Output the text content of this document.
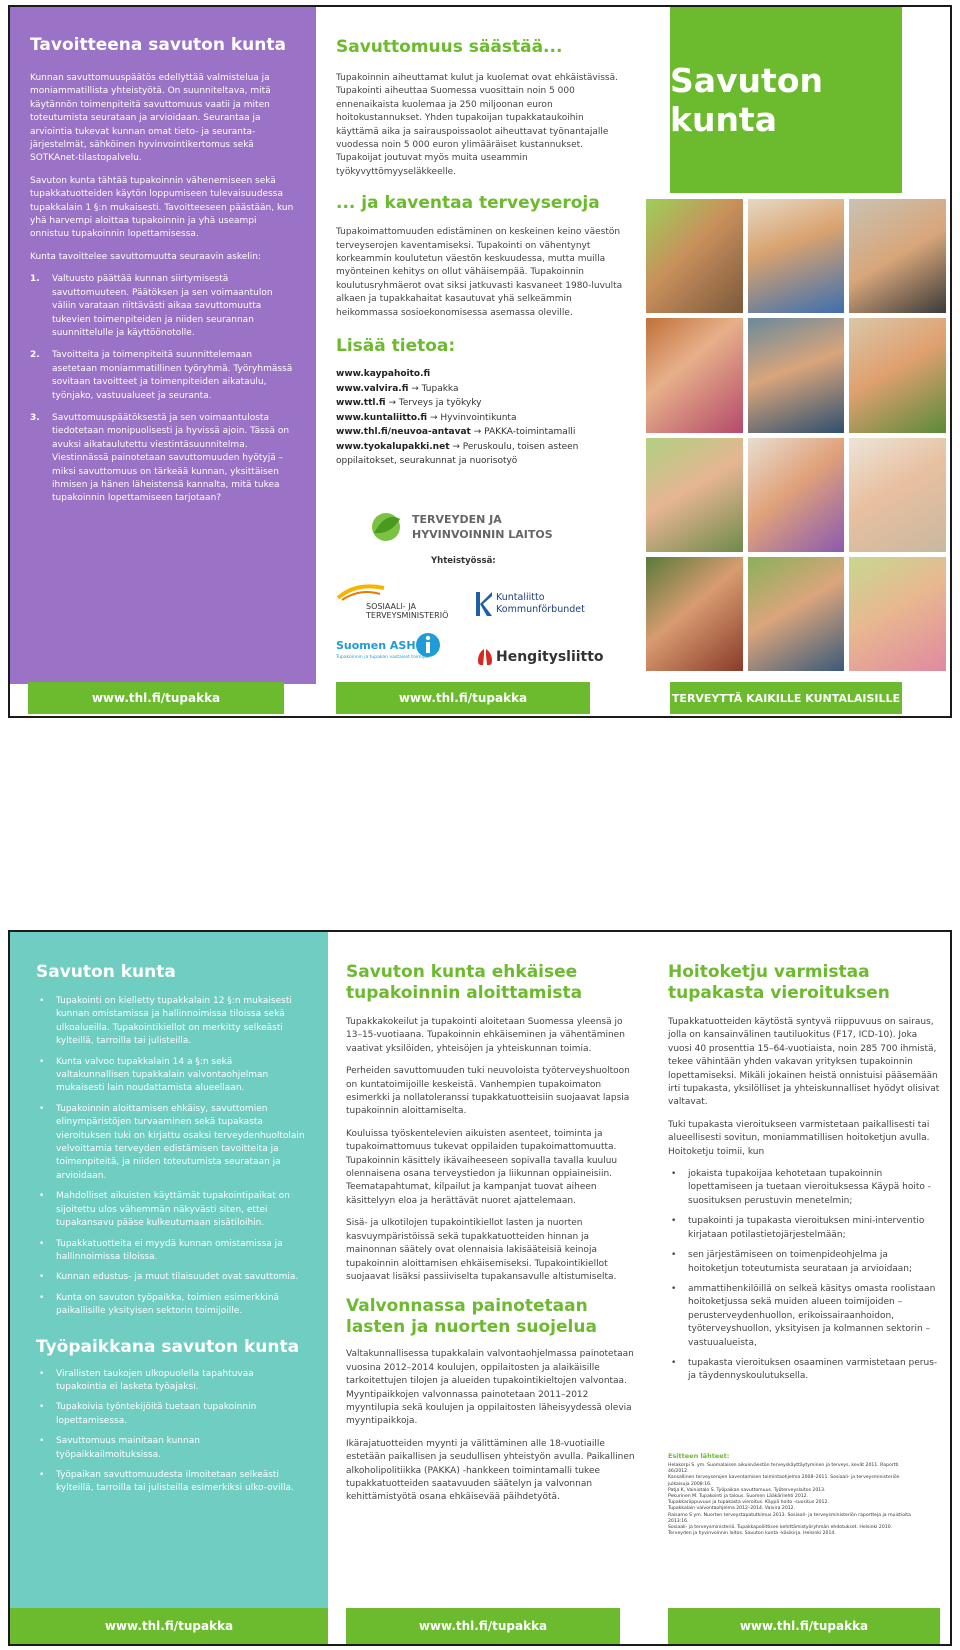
Tavoitteena savuton kunta

Kunnan savuttomuuspäätös edellyttää valmistelua ja moniammatillista yhteistyötä. On suunniteltava, mitä käytännön toimenpiteitä savuttomuus vaatii ja miten toteutumista seurataan ja arvioidaan. Seurantaa ja arviointia tukevat kunnan omat tieto- ja seuranta-järjestelmät, sähköinen hyvinvointikertomus sekä SOTKAnet-tilastopalvelu.

Savuton kunta tähtää tupakoinnin vähenemiseen sekä tupakkatuotteiden käytön loppumiseen tulevaisuudessa tupakkalain 1 §:n mukaisesti. Tavoitteeseen päästään, kun yhä harvempi aloittaa tupakoinnin ja yhä useampi onnistuu tupakoinnin lopettamisessa.

Kunta tavoittelee savuttomuutta seuraavin askelin:

1. Valtuusto päättää kunnan siirtymisestä savuttomuuteen. Päätöksen ja sen voimaantulon väliin varataan riittävästi aikaa savuttomuutta tukevien toimenpiteiden ja niiden seurannan suunnittelulle ja käyttöönotolle.
2. Tavoitteita ja toimenpiteitä suunnittelemaan asetetaan moniammatillinen työryhmä. Työryhmässä sovitaan tavoitteet ja toimenpiteiden aikataulu, työnjako, vastuualueet ja seuranta.
3. Savuttomuuspäätöksestä ja sen voimaantulosta tiedotetaan monipuolisesti ja hyvissä ajoin. Tässä on avuksi aikataulutettu viestintäsuunnitelma. Viestinnässä painotetaan savuttomuuden hyötyjä – miksi savuttomuus on tärkeää kunnan, yksittäisen ihmisen ja hänen läheistensä kannalta, mitä tukea tupakoinnin lopettamiseen tarjotaan?
www.thl.fi/tupakka
Savuttomuus säästää...

Tupakoinnin aiheuttamat kulut ja kuolemat ovat ehkäistävissä. Tupakointi aiheuttaa Suomessa vuosittain noin 5 000 ennenaikaista kuolemaa ja 250 miljoonan euron hoitokustannukset. Yhden tupakoijan tupakkataukoihin käyttämä aika ja sairauspoissaolot aiheuttavat työnantajalle vuodessa noin 5 000 euron ylimääräiset kustannukset. Tupakoijat joutuvat myös muita useammin työkyvyttömyyseläkkeelle.

... ja kaventaa terveyseroja

Tupakoimattomuuden edistäminen on keskeinen keino väestön terveyserojen kaventamiseksi. Tupakointi on vähentynyt korkeammin koulutetun väestön keskuudessa, mutta muilla myönteinen kehitys on ollut vähäisempää. Tupakoinnin koulutusryhmäerot ovat siksi jatkuvasti kasvaneet 1980-luvulta alkaen ja tupakkahaitat kasautuvat yhä selkeämmin heikommassa sosioekonomisessa asemassa oleville.

Lisää tietoa:
www.kaypahoito.fi
www.valvira.fi → Tupakka
www.ttl.fi → Terveys ja työkyky
www.kuntaliitto.fi → Hyvinvointikunta
www.thl.fi/neuvoa-antavat → PAKKA-toimintamalli
www.tyokalupakki.net → Peruskoulu, toisen asteen oppilaitokset, seurakunnat ja nuorisotyö
TERVEYDEN JA
HYVINVOINNIN LAITOS
Yhteistyössä:
SOSIAALI- JA
TERVEYSMINISTERIÖ
Kuntaliitto
Kommunförbundet
Suomen ASH
Tupakoinnin ja tupakan vastaiset toimijat	Hengitysliitto
www.thl.fi/tupakka
Savuton kunta
TERVEYTTÄ KAIKILLE KUNTALAISILLE
Savuton kunta
• Tupakointi on kielletty tupakkalain 12 §:n mukaisesti kunnan omistamissa ja hallinnoimissa tiloissa sekä ulkoalueilla. Tupakointikiellot on merkitty selkeästi kylteillä, tarroilla tai julisteilla.
• Kunta valvoo tupakkalain 14 a §:n sekä valtakunnallisen tupakkalain valvontaohjelman mukaisesti lain noudattamista alueellaan.
• Tupakoinnin aloittamisen ehkäisy, savuttomien elinympäristöjen turvaaminen sekä tupakasta vieroituksen tuki on kirjattu osaksi terveydenhuoltolain velvoittamia terveyden edistämisen tavoitteita ja toimenpiteitä, ja niiden toteutumista seurataan ja arvioidaan.
• Mahdolliset aikuisten käyttämät tupakointipaikat on sijoitettu ulos vähemmän näkyvästi siten, ettei tupakansavu pääse kulkeutumaan sisätiloihin.
• Tupakkatuotteita ei myydä kunnan omistamissa ja hallinnoimissa tiloissa.
• Kunnan edustus- ja muut tilaisuudet ovat savuttomia.
• Kunta on savuton työpaikka, toimien esimerkkinä paikallisille yksityisen sektorin toimijoille.
Työpaikkana savuton kunta
• Virallisten taukojen ulkopuolella tapahtuvaa tupakointia ei lasketa työajaksi.
• Tupakoivia työntekijöitä tuetaan tupakoinnin lopettamisessa.
• Savuttomuus mainitaan kunnan työpaikkailmoituksissa.
• Työpaikan savuttomuudesta ilmoitetaan selkeästi kylteillä, tarroilla tai julisteilla esimerkiksi ulko-ovilla.
www.thl.fi/tupakka
Savuton kunta ehkäisee tupakoinnin aloittamista

Tupakkakokeilut ja tupakointi aloitetaan Suomessa yleensä jo 13–15-vuotiaana. Tupakoinnin ehkäiseminen ja vähentäminen vaativat yksilöiden, yhteisöjen ja yhteiskunnan toimia.

Perheiden savuttomuuden tuki neuvoloista työterveyshuoltoon on kuntatoimijoille keskeistä. Vanhempien tupakoimaton esimerkki ja nollatoleranssi tupakkatuotteisiin suojaavat lapsia tupakoinnin aloittamiselta.

Kouluissa työskentelevien aikuisten asenteet, toiminta ja tupakoimattomuus tukevat oppilaiden tupakoimattomuutta. Tupakoinnin käsittely ikävaiheeseen sopivalla tavalla kuuluu olennaisena osana terveystiedon ja liikunnan oppiaineisiin. Teematapahtumat, kilpailut ja kampanjat tuovat aiheen käsittelyyn eloa ja herättävät nuoret ajattelemaan.

Sisä- ja ulkotilojen tupakointikiellot lasten ja nuorten kasvuympäristöissä sekä tupakkatuotteiden hinnan ja mainonnan säätely ovat olennaisia lakisääteisiä keinoja tupakoinnin aloittamisen ehkäisemiseksi. Tupakointikiellot suojaavat lisäksi passiiviselta tupakansavulle altistumiselta.

Valvonnassa painotetaan lasten ja nuorten suojelua

Valtakunnallisessa tupakkalain valvontaohjelmassa painotetaan vuosina 2012–2014 koulujen, oppilaitosten ja alaikäisille tarkoitettujen tilojen ja alueiden tupakointikieltojen valvontaa. Myyntipaikkojen valvonnassa painotetaan 2011–2012 myyntilupia sekä koulujen ja oppilaitosten läheisyydessä olevia myyntipaikkoja.

Ikärajatuotteiden myynti ja välittäminen alle 18-vuotiaille estetään paikallisen ja seudullisen yhteistyön avulla. Paikallinen alkoholipolitiikka (PAKKA) -hankkeen toimintamalli tukee tupakkatuotteiden saatavuuden säätelyn ja valvonnan kehittämistyötä osana ehkäisevää päihdetyötä.

www.thl.fi/tupakka
Hoitoketju varmistaa tupakasta vieroituksen

Tupakkatuotteiden käytöstä syntyvä riippuvuus on sairaus, jolla on kansainvälinen tautiluokitus (F17, ICD-10). Joka vuosi 40 prosenttia 15–64-vuotiaista, noin 285 700 ihmistä, tekee vähintään yhden vakavan yrityksen tupakoinnin lopettamiseksi. Mikäli jokainen heistä onnistuisi pääsemään irti tupakasta, yksilölliset ja yhteiskunnalliset hyödyt olisivat valtavat.

Tuki tupakasta vieroitukseen varmistetaan paikallisesti tai alueellisesti sovitun, moniammatillisen hoitoketjun avulla. Hoitoketju toimii, kun

• jokaista tupakoijaa kehotetaan tupakoinnin lopettamiseen ja tuetaan vieroituksessa Käypä hoito -suosituksen perustuvin menetelmin;
• tupakointi ja tupakasta vieroituksen mini-interventio kirjataan potilastietojärjestelmään;
• sen järjestämiseen on toimenpideohjelma ja hoitoketjun toteutumista seurataan ja arvioidaan;
• ammattihenkilöillä on selkeä käsitys omasta roolistaan hoitoketjussa sekä muiden alueen toimijoiden – perusterveydenhuollon, erikoissairaanhoidon, työterveyshuollon, yksityisen ja kolmannen sektorin – vastuualueista,
• tupakasta vieroituksen osaaminen varmistetaan perus- ja täydennyskoulutuksella.
Esitteen lähteet:
Helakorpi S. ym. Suomalaisen aikuisväestön terveyskäyttäytyminen ja terveys, kevät 2011. Raportti 46/2012.
Kansallinen terveyserojen kaventamisen toimintaohjelma 2008–2011. Sosiaali- ja terveysministeriön julkaisuja 2008:16.
Patja K, Vainiotalo S. Työpaikan savuttomuus. Työterveyslaitos 2013.
Pekurinen M. Tupakointi ja talous. Suomen Lääkärilehti 2012.
Tupakkariippuvuus ja tupakasta vieroitus. Käypä hoito -suositus 2012.
Tupakkalain valvontaohjelma 2012–2014. Valvira 2012.
Raisamo S ym. Nuorten terveystapatutkimus 2013. Sosiaali- ja terveysministeriön raportteja ja muistioita 2013:16.
Sosiaali- ja terveysministeriö. Tupakkapoliittisen kehittämistyöryhmän ehdotukset. Helsinki 2010.
Terveyden ja hyvinvoinnin laitos. Savuton kunta -käsikirja. Helsinki 2014.
www.thl.fi/tupakka
